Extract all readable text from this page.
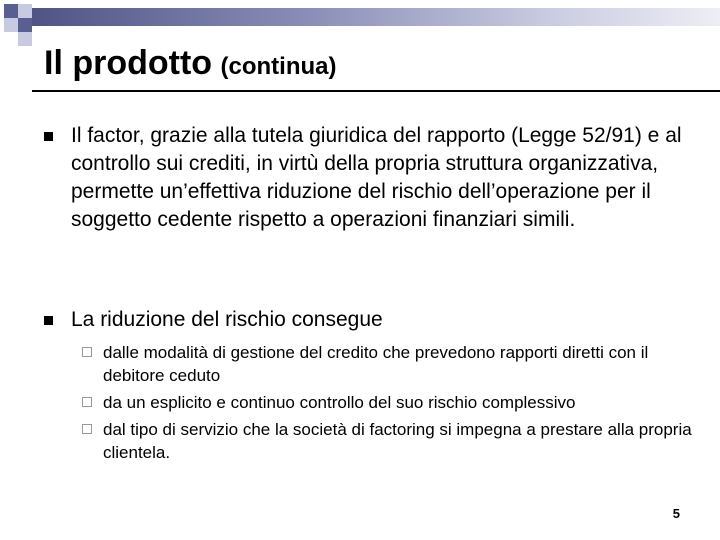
Il prodotto (continua)
Il factor, grazie alla tutela giuridica del rapporto (Legge 52/91) e al controllo sui crediti, in virtù della propria struttura organizzativa, permette un’effettiva riduzione del rischio dell’operazione per il soggetto cedente rispetto a operazioni finanziari simili.
La riduzione del rischio consegue
dalle modalità di gestione del credito che prevedono rapporti diretti con il debitore ceduto
da un esplicito e continuo controllo del suo rischio complessivo
dal tipo di servizio che la società di factoring si impegna a prestare alla propria clientela.
5
